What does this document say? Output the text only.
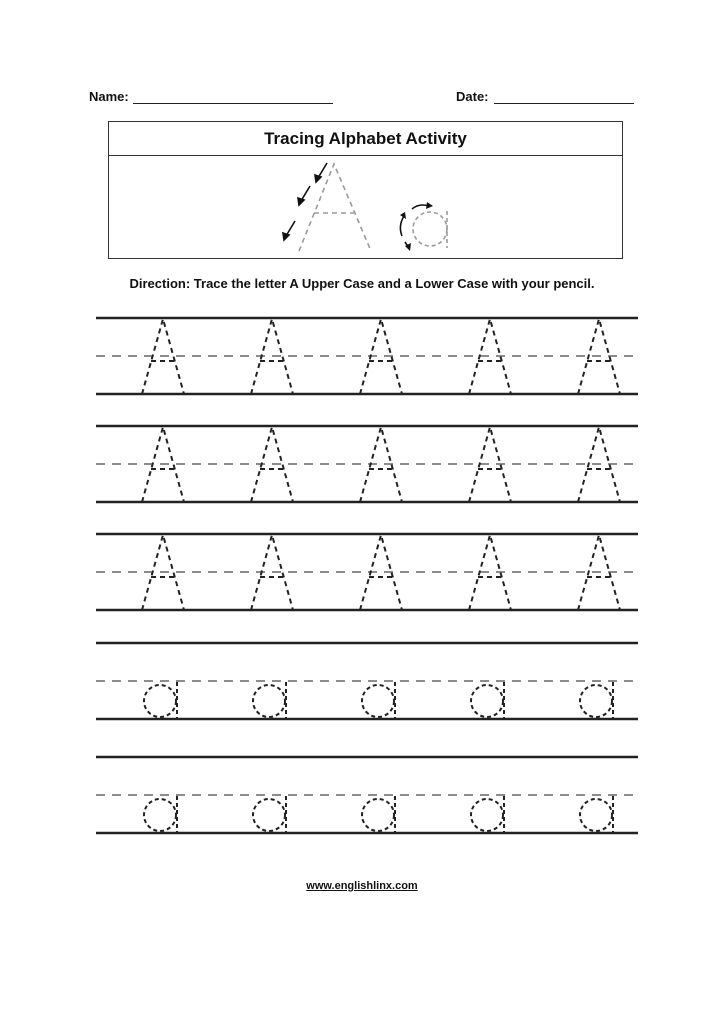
Name:	Date:
Tracing Alphabet Activity
Direction: Trace the letter A Upper Case and a Lower Case with your pencil.
www.englishlinx.com
